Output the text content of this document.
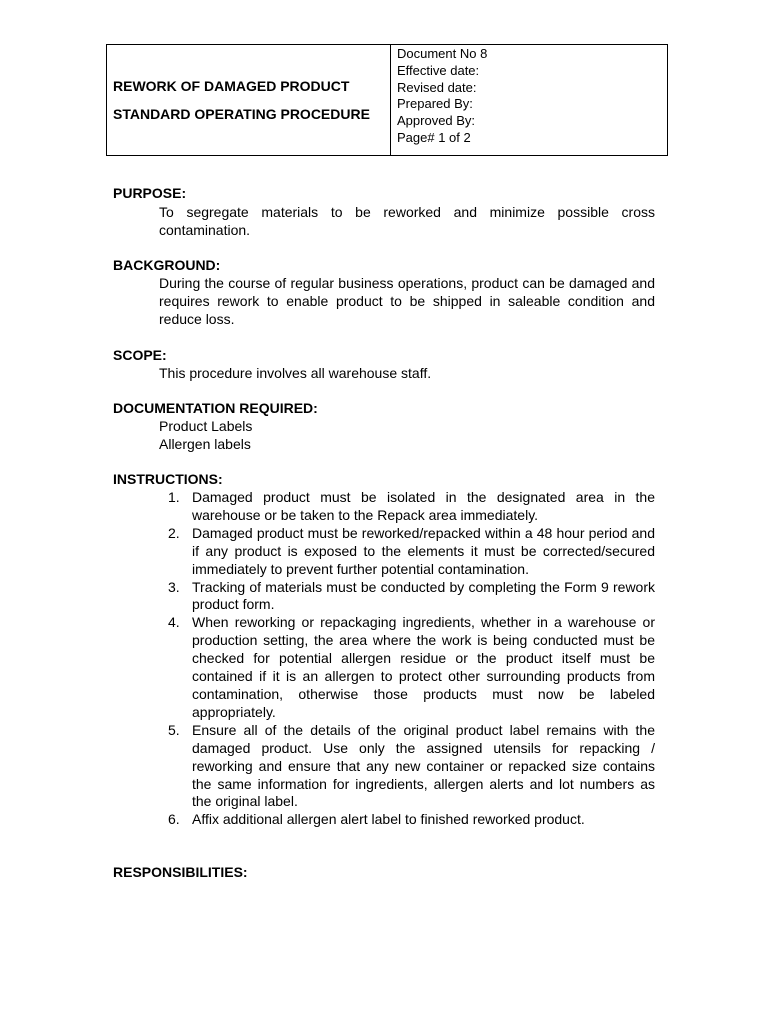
REWORK OF DAMAGED PRODUCT
STANDARD OPERATING PROCEDURE
Document No 8
Effective date:
Revised date:
Prepared By:
Approved By:
Page# 1 of 2
PURPOSE:
To segregate materials to be reworked and minimize possible cross contamination.
BACKGROUND:
During the course of regular business operations, product can be damaged and requires rework to enable product to be shipped in saleable condition and reduce loss.
SCOPE:
This procedure involves all warehouse staff.
DOCUMENTATION REQUIRED:
Product Labels
Allergen labels
INSTRUCTIONS:
1. Damaged product must be isolated in the designated area in the warehouse or be taken to the Repack area immediately.
2. Damaged product must be reworked/repacked within a 48 hour period and if any product is exposed to the elements it must be corrected/secured immediately to prevent further potential contamination.
3. Tracking of materials must be conducted by completing the Form 9 rework product form.
4. When reworking or repackaging ingredients, whether in a warehouse or production setting, the area where the work is being conducted must be checked for potential allergen residue or the product itself must be contained if it is an allergen to protect other surrounding products from contamination, otherwise those products must now be labeled appropriately.
5. Ensure all of the details of the original product label remains with the damaged product. Use only the assigned utensils for repacking / reworking and ensure that any new container or repacked size contains the same information for ingredients, allergen alerts and lot numbers as the original label.
6. Affix additional allergen alert label to finished reworked product.
RESPONSIBILITIES:
